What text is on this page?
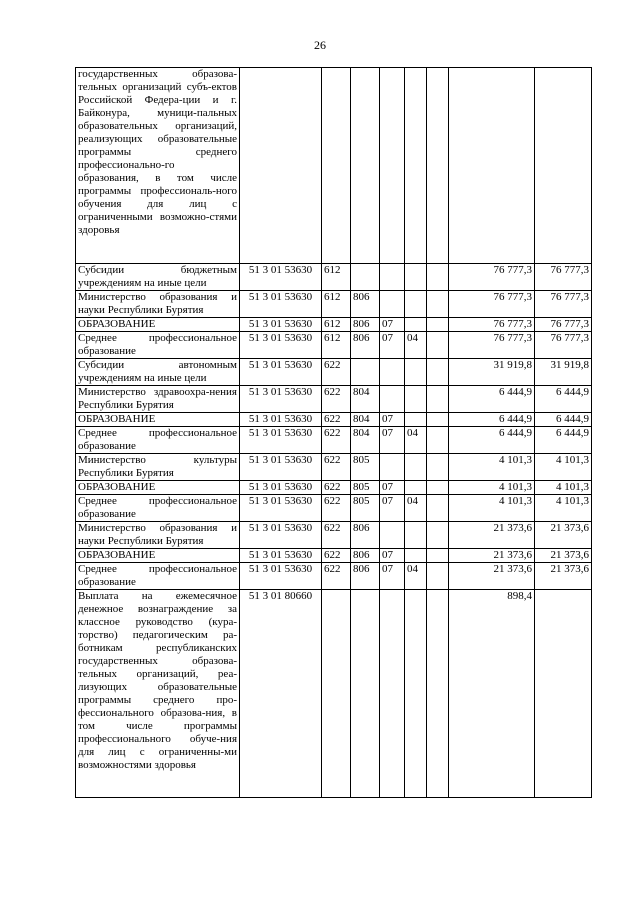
26
государственных образова-тельных организаций субъ-ектов Российской Федера-ции и г. Байконура, муници-пальных образовательных организаций, реализующих образовательные программы среднего профессионально-го образования, в том числе программы профессиональ-ного обучения для лиц с ограниченными возможно-стями здоровья								
Субсидии бюджетным учреждениям на иные цели	51 3 01 53630	612					76 777,3	76 777,3
Министерство образования и науки Республики Бурятия	51 3 01 53630	612	806				76 777,3	76 777,3
ОБРАЗОВАНИЕ	51 3 01 53630	612	806	07			76 777,3	76 777,3
Среднее профессиональное образование	51 3 01 53630	612	806	07	04		76 777,3	76 777,3
Субсидии автономным учреждениям на иные цели	51 3 01 53630	622					31 919,8	31 919,8
Министерство здравоохра-нения Республики Бурятия	51 3 01 53630	622	804				6 444,9	6 444,9
ОБРАЗОВАНИЕ	51 3 01 53630	622	804	07			6 444,9	6 444,9
Среднее профессиональное образование	51 3 01 53630	622	804	07	04		6 444,9	6 444,9
Министерство культуры Республики Бурятия	51 3 01 53630	622	805				4 101,3	4 101,3
ОБРАЗОВАНИЕ	51 3 01 53630	622	805	07			4 101,3	4 101,3
Среднее профессиональное образование	51 3 01 53630	622	805	07	04		4 101,3	4 101,3
Министерство образования и науки Республики Бурятия	51 3 01 53630	622	806				21 373,6	21 373,6
ОБРАЗОВАНИЕ	51 3 01 53630	622	806	07			21 373,6	21 373,6
Среднее профессиональное образование	51 3 01 53630	622	806	07	04		21 373,6	21 373,6
Выплата на ежемесячное денежное вознаграждение за классное руководство (кура-торство) педагогическим ра-ботникам республиканских государственных образова-тельных организаций, реа-лизующих образовательные программы среднего про-фессионального образова-ния, в том числе программы профессионального обуче-ния для лиц с ограниченны-ми возможностями здоровья	51 3 01 80660						898,4	
